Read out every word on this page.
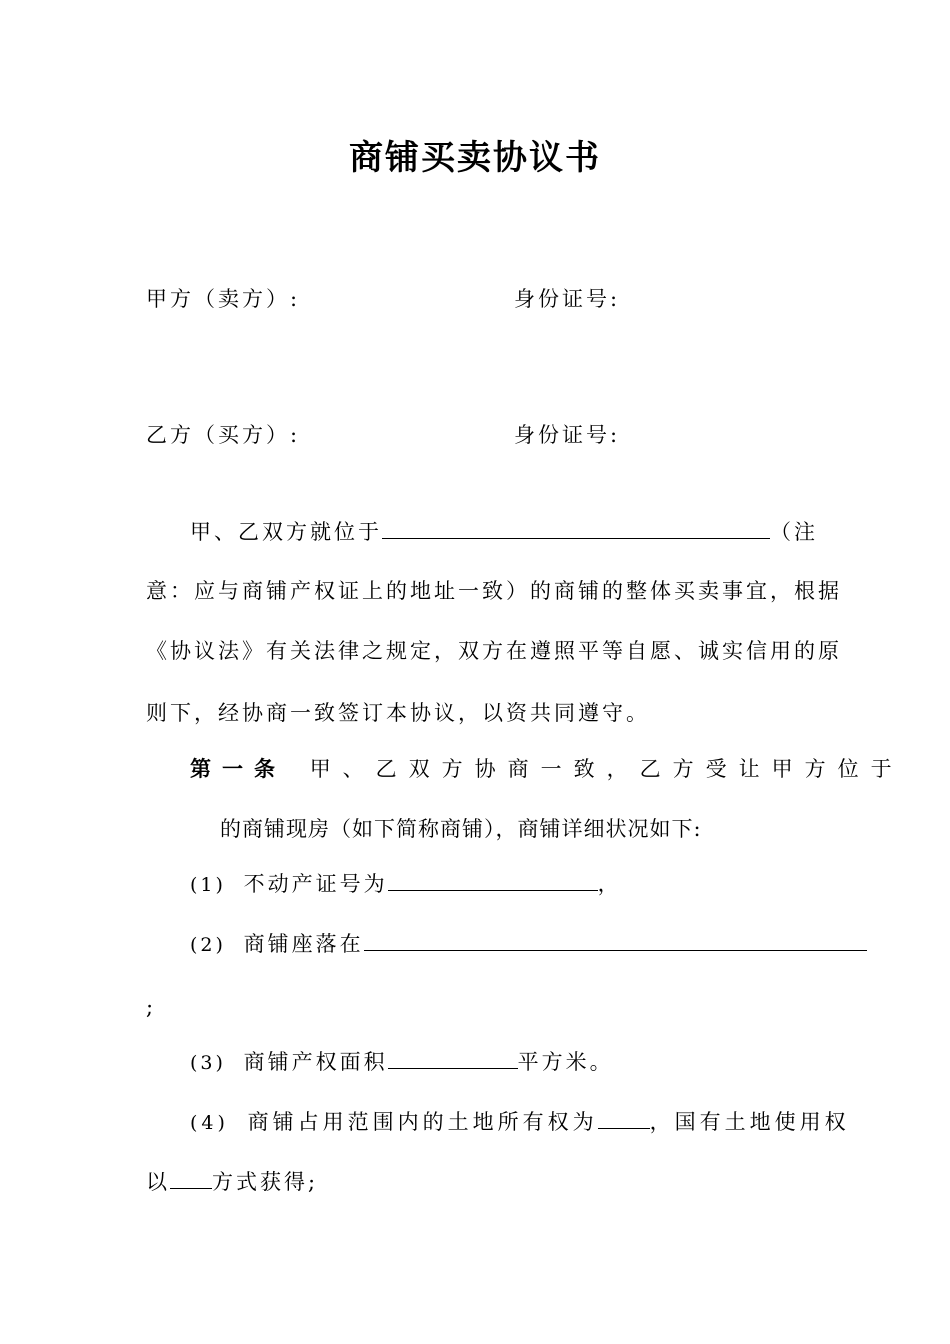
商铺买卖协议书
甲方（卖方）:	身份证号:
乙方（买方）:	身份证号:
甲、乙双方就位于	（注
意：应与商铺产权证上的地址一致）的商铺的整体买卖事宜，根据
《协议法》有关法律之规定，双方在遵照平等自愿、诚实信用的原
则下，经协商一致签订本协议，以资共同遵守。
第一条 甲、乙双方协商一致，乙方受让甲方位于
的商铺现房（如下简称商铺），商铺详细状况如下:
(1) 不动产证号为	，
(2) 商铺座落在
;
(3) 商铺产权面积	平方米。
(4) 商铺占用范围内的土地所有权为 ，国有土地使用权
以 方式获得;
